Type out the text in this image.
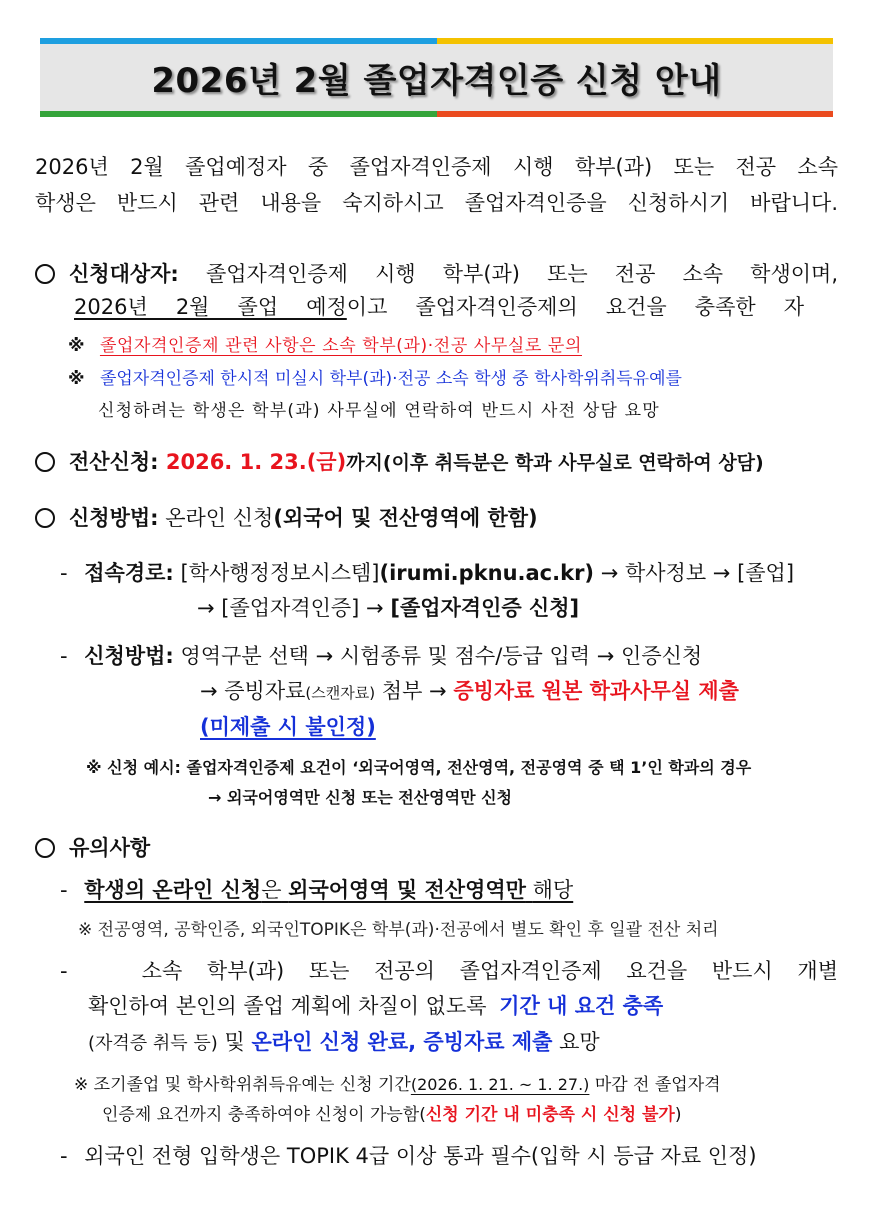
2026년 2월 졸업자격인증 신청 안내
2026년 2월 졸업예정자 중 졸업자격인증제 시행 학부(과) 또는 전공 소속
학생은 반드시 관련 내용을 숙지하시고 졸업자격인증을 신청하시기 바랍니다.
신청대상자: 졸업자격인증제 시행 학부(과) 또는 전공 소속 학생이며,
2026년 2월 졸업 예정이고 졸업자격인증제의 요건을 충족한 자
※ 졸업자격인증제 관련 사항은 소속 학부(과)·전공 사무실로 문의
※ 졸업자격인증제 한시적 미실시 학부(과)·전공 소속 학생 중 학사학위취득유예를
신청하려는 학생은 학부(과) 사무실에 연락하여 반드시 사전 상담 요망
전산신청: 2026. 1. 23.(금)까지(이후 취득분은 학과 사무실로 연락하여 상담)
신청방법: 온라인 신청(외국어 및 전산영역에 한함)
- 접속경로: [학사행정정보시스템](irumi.pknu.ac.kr) → 학사정보 → [졸업]
→ [졸업자격인증] → [졸업자격인증 신청]
- 신청방법: 영역구분 선택 → 시험종류 및 점수/등급 입력 → 인증신청
→ 증빙자료(스캔자료) 첨부 → 증빙자료 원본 학과사무실 제출
(미제출 시 불인정)
※ 신청 예시: 졸업자격인증제 요건이 ‘외국어영역, 전산영역, 전공영역 중 택 1’인 학과의 경우
→ 외국어영역만 신청 또는 전산영역만 신청
유의사항
- 학생의 온라인 신청은 외국어영역 및 전산영역만 해당
※ 전공영역, 공학인증, 외국인TOPIK은 학부(과)·전공에서 별도 확인 후 일괄 전산 처리
-	소속 학부(과) 또는 전공의 졸업자격인증제 요건을 반드시 개별
확인하여 본인의 졸업 계획에 차질이 없도록 기간 내 요건 충족
(자격증 취득 등) 및 온라인 신청 완료, 증빙자료 제출 요망
※ 조기졸업 및 학사학위취득유예는 신청 기간(2026. 1. 21. ~ 1. 27.) 마감 전 졸업자격
인증제 요건까지 충족하여야 신청이 가능함(신청 기간 내 미충족 시 신청 불가)
- 외국인 전형 입학생은 TOPIK 4급 이상 통과 필수(입학 시 등급 자료 인정)
